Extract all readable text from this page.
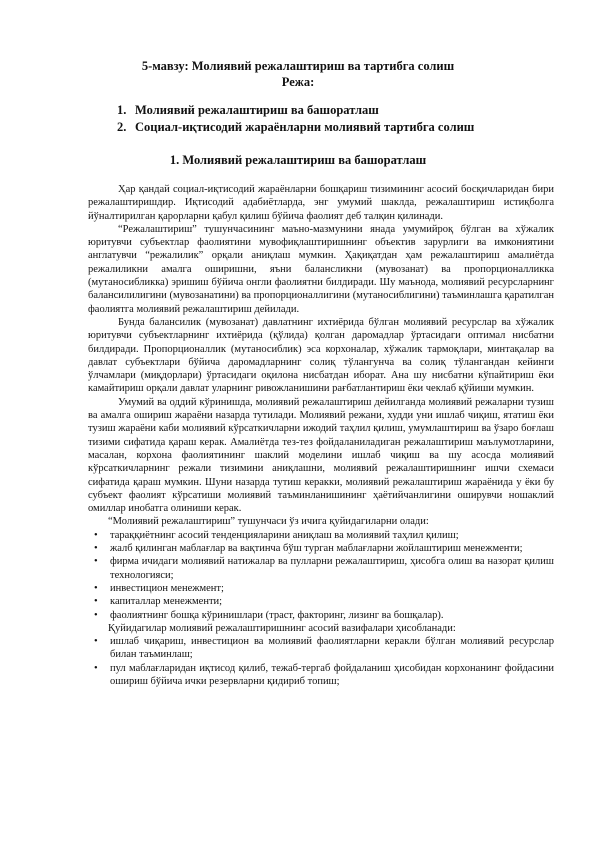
5-мавзу: Молиявий режалаштириш ва тартибга солиш
Режа:
1. Молиявий режалаштириш ва башоратлаш
2. Социал-иқтисодий жараёнларни молиявий тартибга солиш
1. Молиявий режалаштириш ва башоратлаш

Ҳар қандай социал-иқтисодий жараёнларни бошқариш тизимининг асосий босқичларидан бири режалаштиришдир. Иқтисодий адабиётларда, энг умумий шаклда, режалаштириш истиқболга йўналтирилган қарорларни қабул қилиш бўйича фаолият деб талқин қилинади.

“Режалаштириш” тушунчасининг маъно-мазмунини янада умумийроқ бўлган ва хўжалик юритувчи субъектлар фаолиятини мувофиқлаштиришнинг объектив зарурлиги ва имкониятини англатувчи “режалилик” орқали аниқлаш мумкин. Ҳақиқатдан ҳам режалаштириш амалиётда режалиликни амалга оширишни, яъни балансликни (мувозанат) ва пропорционалликка (мутаносибликка) эришиш бўйича онгли фаолиятни билдиради. Шу маънода, молиявий ресурсларнинг балансилилигини (мувозанатини) ва пропорционаллигини (мутаносиблигини) таъминлашга қаратилган фаолиятга молиявий режалаштириш дейилади.

Бунда балансилик (мувозанат) давлатнинг ихтиёрида бўлган молиявий ресурслар ва хўжалик юритувчи субъектларнинг ихтиёрида (қўлида) қолган даромадлар ўртасидаги оптимал нисбатни билдиради. Пропорционаллик (мутаносиблик) эса корхоналар, хўжалик тармоқлари, минтақалар ва давлат субъектлари бўйича даромадларнинг солиқ тўлангунча ва солиқ тўлангандан кейинги ўлчамлари (миқдорлари) ўртасидаги оқилона нисбатдан иборат. Ана шу нисбатни кўпайтириш ёки камайтириш орқали давлат уларнинг ривожланишини рағбатлантириш ёки чеклаб қўйиши мумкин.

Умумий ва оддий кўринишда, молиявий режалаштириш дейилганда молиявий режаларни тузиш ва амалга ошириш жараёни назарда тутилади. Молиявий режани, худди уни ишлаб чиқиш, ятатиш ёки тузиш жараёни каби молиявий кўрсаткичларни ижодий таҳлил қилиш, умумлаштириш ва ўзаро боғлаш тизими сифатида қараш керак. Амалиётда тез-тез фойдаланиладиган режалаштириш маълумотларини, масалан, корхона фаолиятининг шаклий моделини ишлаб чиқиш ва шу асосда молиявий кўрсаткичларнинг режали тизимини аниқлашни, молиявий режалаштиришнинг ишчи схемаси сифатида қараш мумкин. Шуни назарда тутиш керакки, молиявий режалаштириш жараёнида у ёки бу субъект фаолият кўрсатиши молиявий таъминланишининг ҳаётийчанлигини оширувчи ношаклий омиллар инобатга олиниши керак.

“Молиявий режалаштириш” тушунчаси ўз ичига қуйидагиларни олади:

• тараққиётнинг асосий тенденцияларини аниқлаш ва молиявий таҳлил қилиш;
• жалб қилинган маблағлар ва вақтинча бўш турган маблағларни жойлаштириш менежменти;
• фирма ичидаги молиявий натижалар ва пулларни режалаштириш, ҳисобга олиш ва назорат қилиш технологияси;
• инвестицион менежмент;
• капиталлар менежменти;
• фаолиятнинг бошқа кўринишлари (траст, факторинг, лизинг ва бошқалар).

Қуйидагилар молиявий режалаштиришнинг асосий вазифалари ҳисобланади:

• ишлаб чиқариш, инвестицион ва молиявий фаолиятларни керакли бўлган молиявий ресурслар билан таъминлаш;
• пул маблағларидан иқтисод қилиб, тежаб-тергаб фойдаланиш ҳисобидан корхонанинг фойдасини ошириш бўйича ички резервларни қидириб топиш;
